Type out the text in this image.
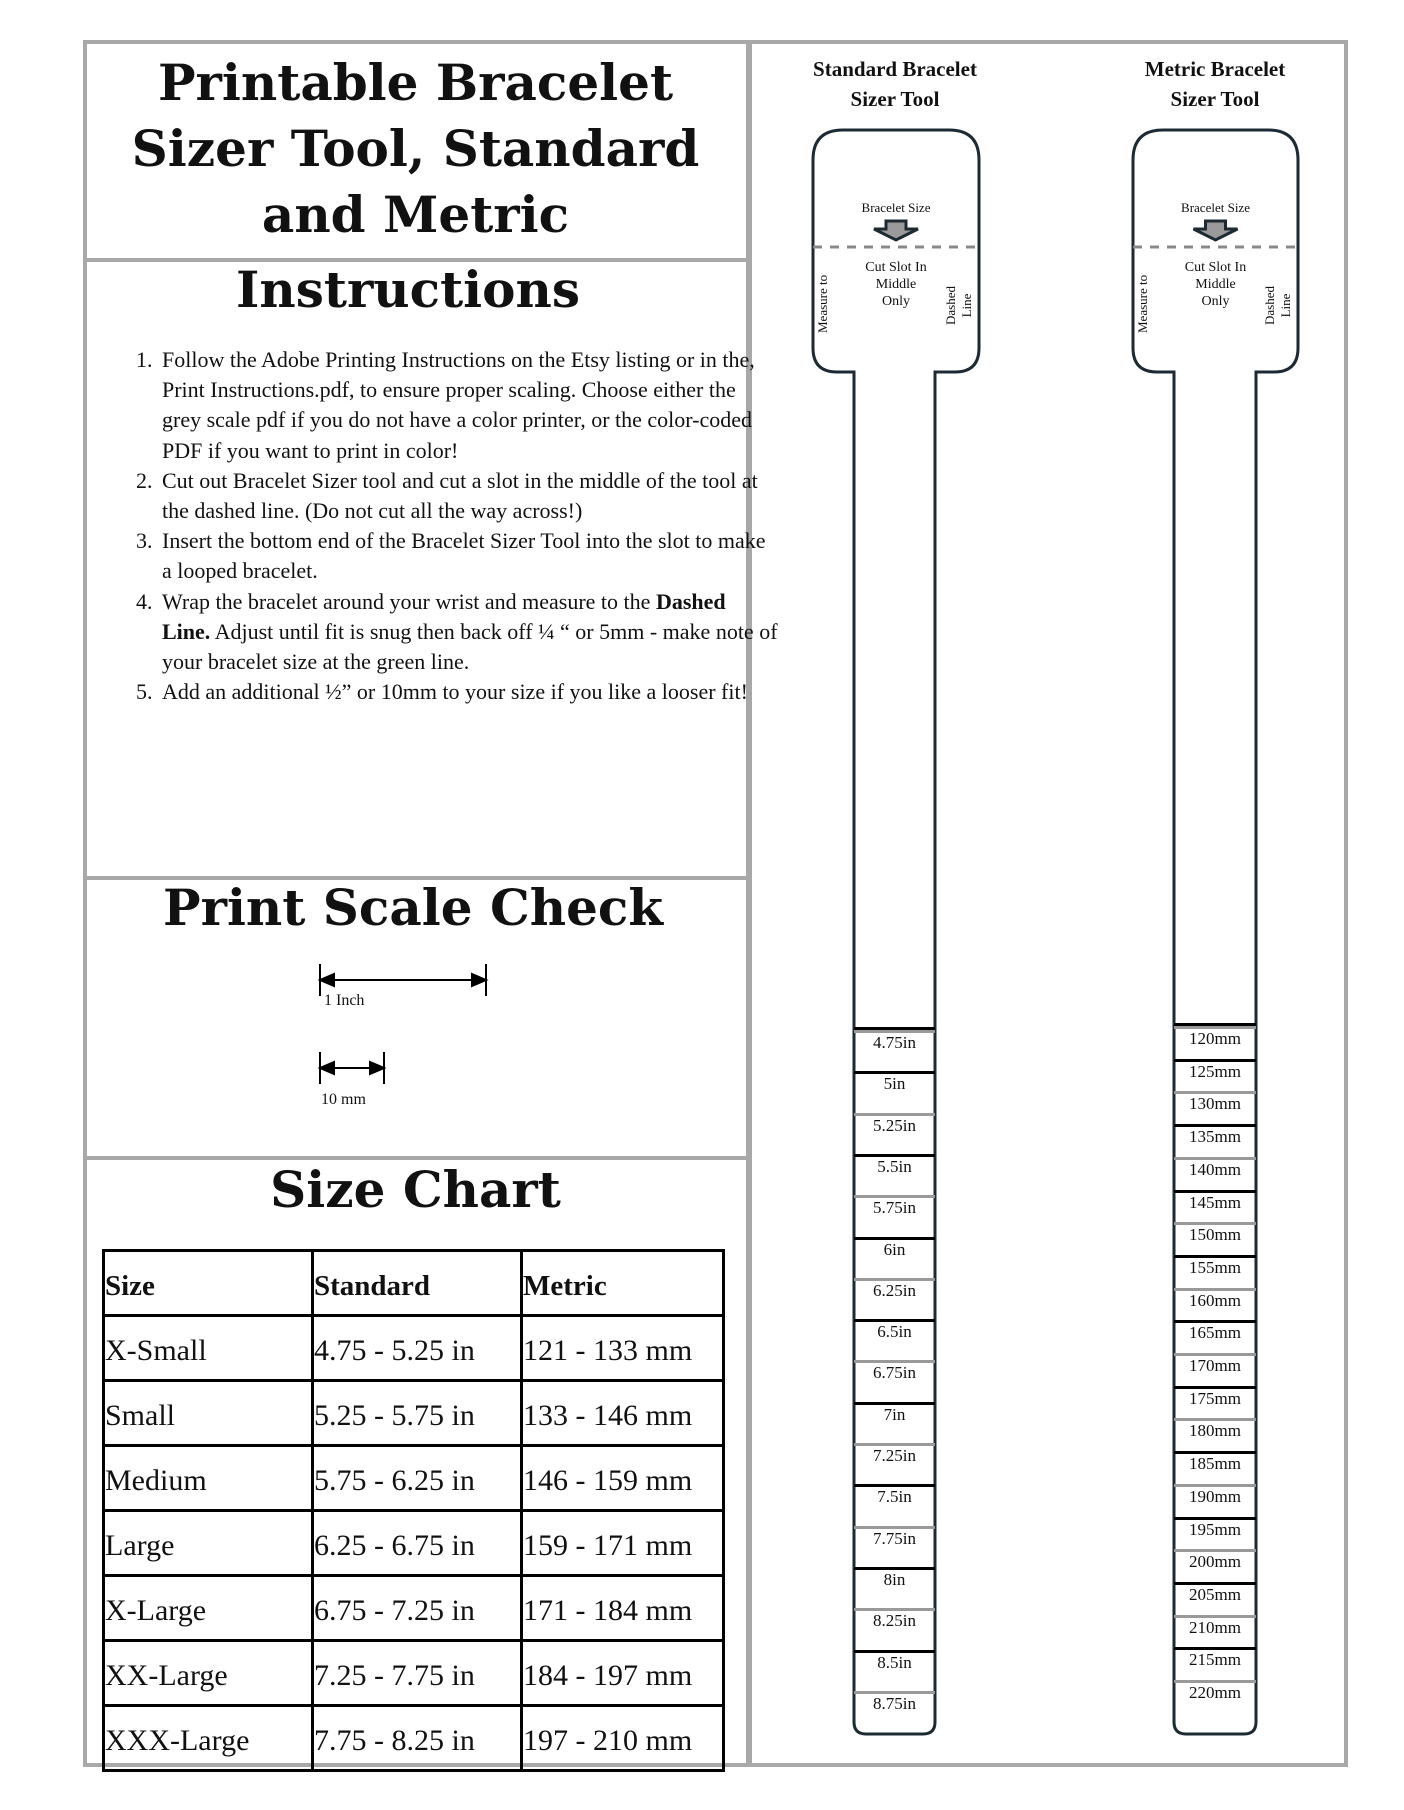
Printable Bracelet Sizer Tool, Standard and Metric
Instructions
1. Follow the Adobe Printing Instructions on the Etsy listing or in the, Print Instructions.pdf, to ensure proper scaling. Choose either the grey scale pdf if you do not have a color printer, or the color-coded PDF if you want to print in color!
2. Cut out Bracelet Sizer tool and cut a slot in the middle of the tool at the dashed line. (Do not cut all the way across!)
3. Insert the bottom end of the Bracelet Sizer Tool into the slot to make a looped bracelet.
4. Wrap the bracelet around your wrist and measure to the Dashed Line. Adjust until fit is snug then back off ¼ “ or 5mm - make note of your bracelet size at the green line.
5. Add an additional ½” or 10mm to your size if you like a looser fit!
Print Scale Check
1 Inch
10 mm
Size Chart
Size	Standard	Metric
X-Small	4.75 - 5.25 in	121 - 133 mm
Small	5.25 - 5.75 in	133 - 146 mm
Medium	5.75 - 6.25 in	146 - 159 mm
Large	6.25 - 6.75 in	159 - 171 mm
X-Large	6.75 - 7.25 in	171 - 184 mm
XX-Large	7.25 - 7.75 in	184 - 197 mm
XXX-Large	7.75 - 8.25 in	197 - 210 mm
Standard Bracelet
Sizer Tool
Metric Bracelet
Sizer Tool
Bracelet Size
Cut Slot In
Middle
Only
Measure to	Dashed Line
4.75in
5in
5.25in
5.5in
5.75in
6in
6.25in
6.5in
6.75in
7in
7.25in
7.5in
7.75in
8in
8.25in
8.5in
8.75in
Bracelet Size
Cut Slot In
Middle
Only
Measure to	Dashed Line
120mm
125mm
130mm
135mm
140mm
145mm
150mm
155mm
160mm
165mm
170mm
175mm
180mm
185mm
190mm
195mm
200mm
205mm
210mm
215mm
220mm
